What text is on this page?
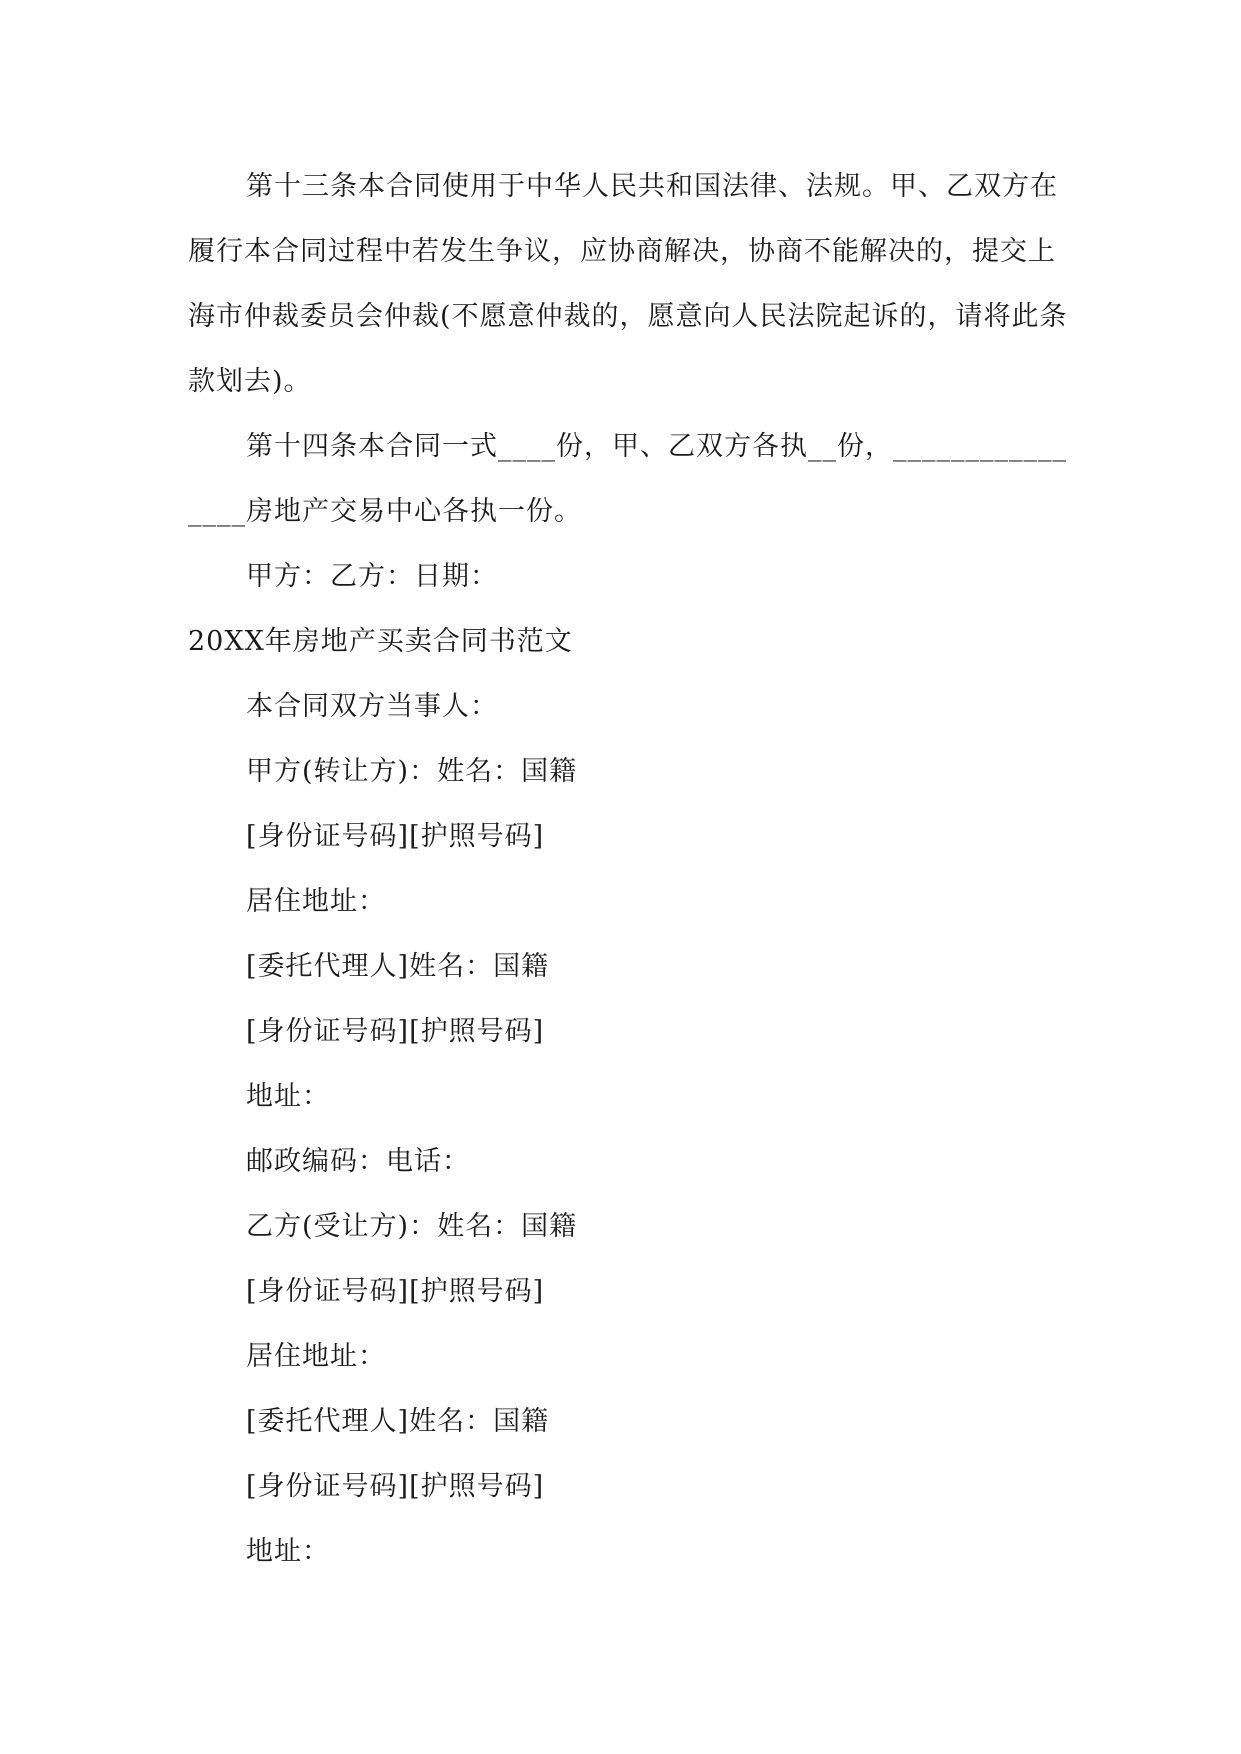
第十三条本合同使用于中华人民共和国法律、法规。甲、乙双方在履行本合同过程中若发生争议，应协商解决，协商不能解决的，提交上海市仲裁委员会仲裁(不愿意仲裁的，愿意向人民法院起诉的，请将此条款划去)。

第十四条本合同一式____份，甲、乙双方各执__份，________________房地产交易中心各执一份。

甲方：乙方：日期：

20XX年房地产买卖合同书范文

本合同双方当事人：

甲方(转让方)：姓名：国籍

[身份证号码][护照号码]

居住地址：

[委托代理人]姓名：国籍

[身份证号码][护照号码]

地址：

邮政编码：电话：

乙方(受让方)：姓名：国籍

[身份证号码][护照号码]

居住地址：

[委托代理人]姓名：国籍

[身份证号码][护照号码]

地址：
